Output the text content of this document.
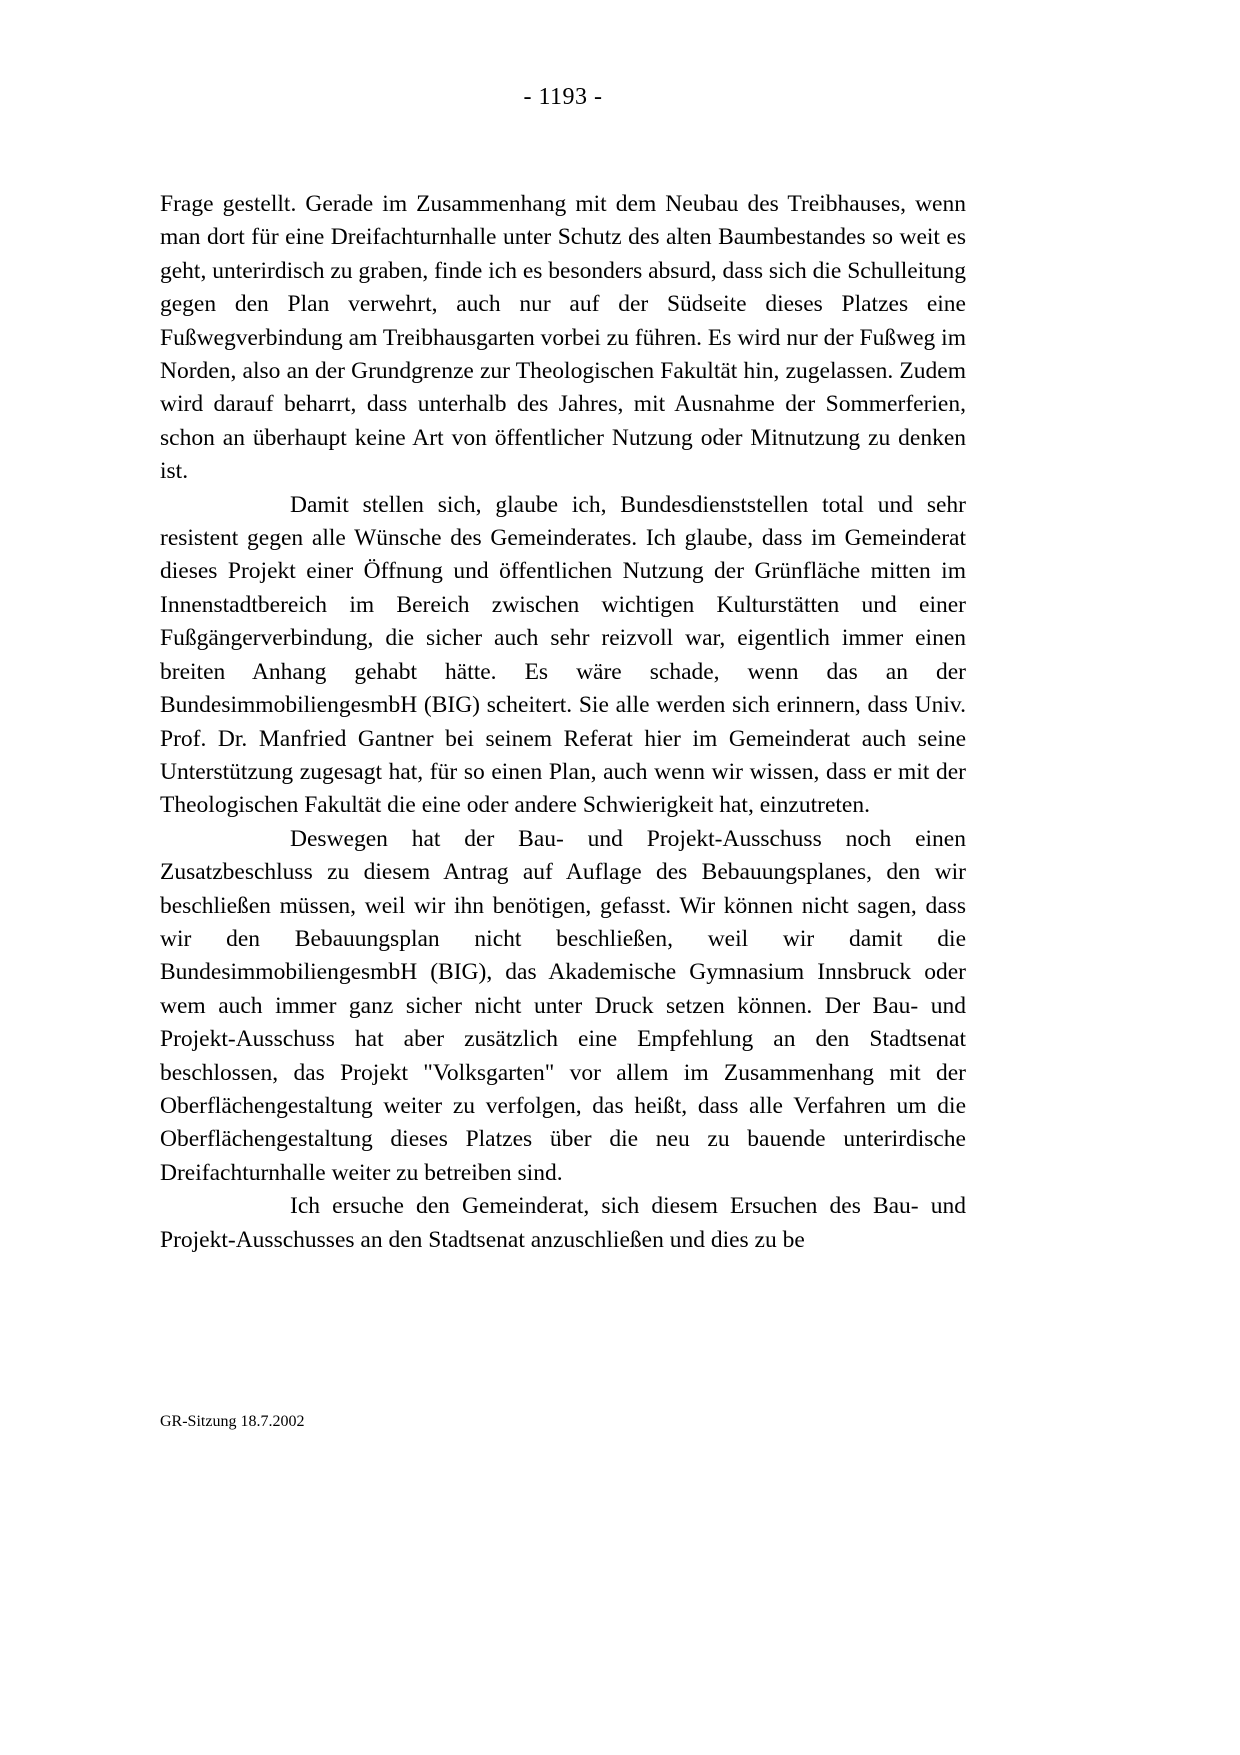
- 1193 -

Frage gestellt. Gerade im Zusammenhang mit dem Neubau des Treibhauses, wenn man dort für eine Dreifachturnhalle unter Schutz des alten Baumbestandes so weit es geht, unterirdisch zu graben, finde ich es besonders absurd, dass sich die Schulleitung gegen den Plan verwehrt, auch nur auf der Südseite dieses Platzes eine Fußwegverbindung am Treibhausgarten vorbei zu führen. Es wird nur der Fußweg im Norden, also an der Grundgrenze zur Theologischen Fakultät hin, zugelassen. Zudem wird darauf beharrt, dass unterhalb des Jahres, mit Ausnahme der Sommerferien, schon an überhaupt keine Art von öffentlicher Nutzung oder Mitnutzung zu denken ist.

Damit stellen sich, glaube ich, Bundesdienststellen total und sehr resistent gegen alle Wünsche des Gemeinderates. Ich glaube, dass im Gemeinderat dieses Projekt einer Öffnung und öffentlichen Nutzung der Grünfläche mitten im Innenstadtbereich im Bereich zwischen wichtigen Kulturstätten und einer Fußgängerverbindung, die sicher auch sehr reizvoll war, eigentlich immer einen breiten Anhang gehabt hätte. Es wäre schade, wenn das an der BundesimmobiliengesmbH (BIG) scheitert. Sie alle werden sich erinnern, dass Univ. Prof. Dr. Manfried Gantner bei seinem Referat hier im Gemeinderat auch seine Unterstützung zugesagt hat, für so einen Plan, auch wenn wir wissen, dass er mit der Theologischen Fakultät die eine oder andere Schwierigkeit hat, einzutreten.

Deswegen hat der Bau- und Projekt-Ausschuss noch einen Zusatzbeschluss zu diesem Antrag auf Auflage des Bebauungsplanes, den wir beschließen müssen, weil wir ihn benötigen, gefasst. Wir können nicht sagen, dass wir den Bebauungsplan nicht beschließen, weil wir damit die BundesimmobiliengesmbH (BIG), das Akademische Gymnasium Innsbruck oder wem auch immer ganz sicher nicht unter Druck setzen können. Der Bau- und Projekt-Ausschuss hat aber zusätzlich eine Empfehlung an den Stadtsenat beschlossen, das Projekt "Volksgarten" vor allem im Zusammenhang mit der Oberflächengestaltung weiter zu verfolgen, das heißt, dass alle Verfahren um die Oberflächengestaltung dieses Platzes über die neu zu bauende unterirdische Dreifachturnhalle weiter zu betreiben sind.

Ich ersuche den Gemeinderat, sich diesem Ersuchen des Bau- und Projekt-Ausschusses an den Stadtsenat anzuschließen und dies zu be

GR-Sitzung 18.7.2002
